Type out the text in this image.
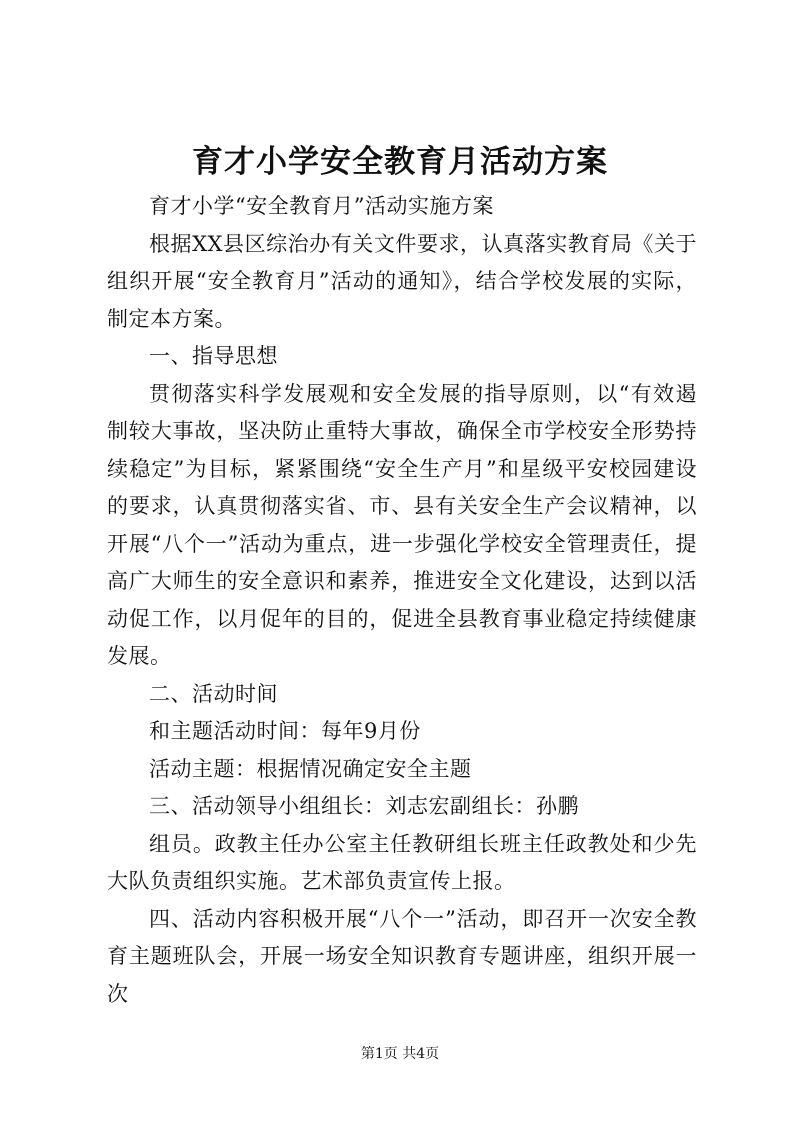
育才小学安全教育月活动方案

育才小学“安全教育月”活动实施方案

根据XX县区综治办有关文件要求，认真落实教育局《关于组织开展“安全教育月”活动的通知》，结合学校发展的实际，制定本方案。

一、指导思想

贯彻落实科学发展观和安全发展的指导原则，以“有效遏制较大事故，坚决防止重特大事故，确保全市学校安全形势持续稳定”为目标，紧紧围绕“安全生产月”和星级平安校园建设的要求，认真贯彻落实省、市、县有关安全生产会议精神，以开展“八个一”活动为重点，进一步强化学校安全管理责任，提高广大师生的安全意识和素养，推进安全文化建设，达到以活动促工作，以月促年的目的，促进全县教育事业稳定持续健康发展。

二、活动时间

和主题活动时间：每年9月份

活动主题：根据情况确定安全主题

三、活动领导小组组长：刘志宏副组长：孙鹏

组员。政教主任办公室主任教研组长班主任政教处和少先大队负责组织实施。艺术部负责宣传上报。

四、活动内容积极开展“八个一”活动，即召开一次安全教育主题班队会，开展一场安全知识教育专题讲座，组织开展一次

第1页 共4页
